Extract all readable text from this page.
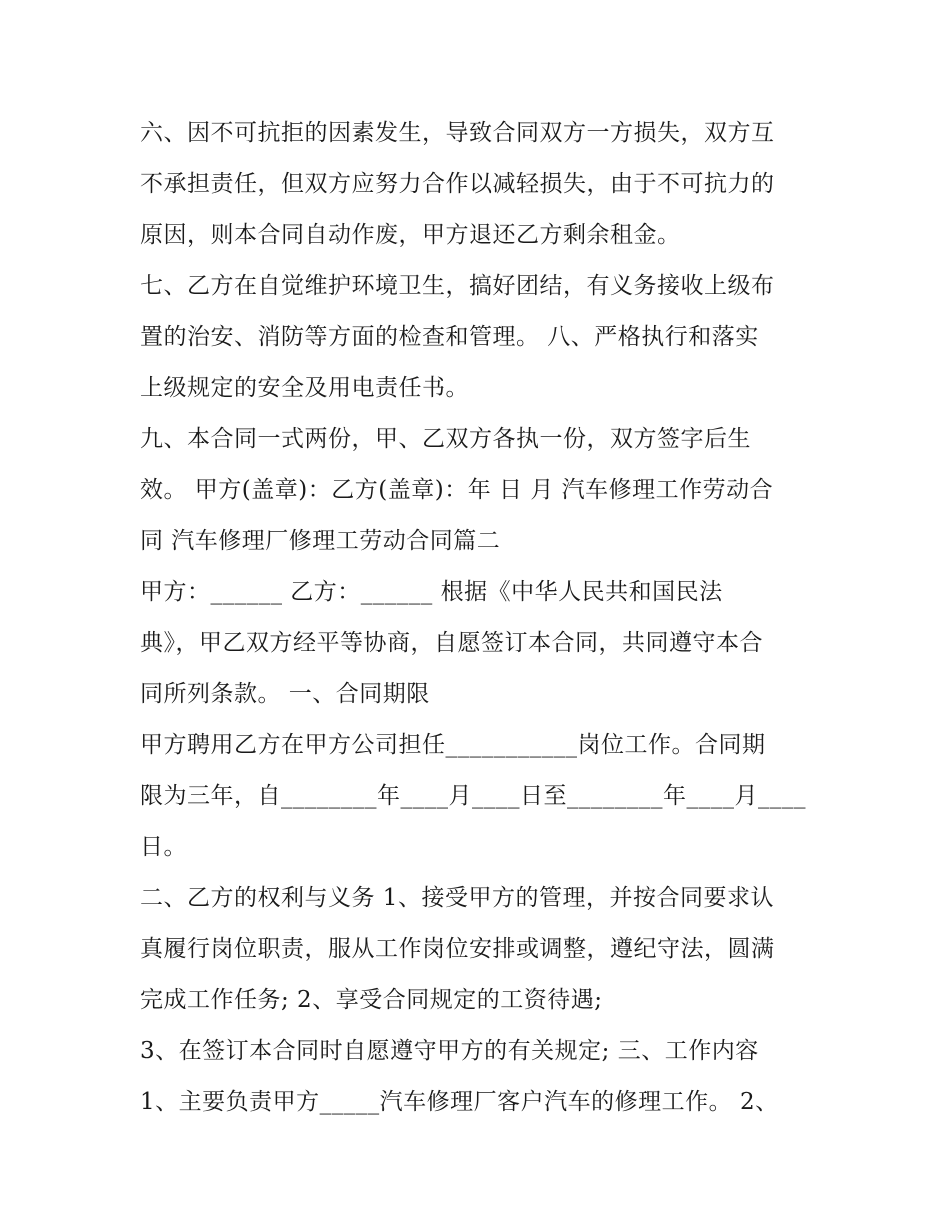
六、因不可抗拒的因素发生，导致合同双方一方损失，双方互
不承担责任，但双方应努力合作以减轻损失，由于不可抗力的
原因，则本合同自动作废，甲方退还乙方剩余租金。
七、乙方在自觉维护环境卫生，搞好团结，有义务接收上级布
置的治安、消防等方面的检查和管理。 八、严格执行和落实
上级规定的安全及用电责任书。
九、本合同一式两份，甲、乙双方各执一份，双方签字后生
效。 甲方(盖章)：乙方(盖章)：年 日 月 汽车修理工作劳动合
同 汽车修理厂修理工劳动合同篇二
甲方：______ 乙方：______ 根据《中华人民共和国民法
典》，甲乙双方经平等协商，自愿签订本合同，共同遵守本合
同所列条款。 一、合同期限
甲方聘用乙方在甲方公司担任___________岗位工作。合同期
限为三年，自________年____月____日至________年____月____
日。
二、乙方的权利与义务 1、接受甲方的管理，并按合同要求认
真履行岗位职责，服从工作岗位安排或调整，遵纪守法，圆满
完成工作任务; 2、享受合同规定的工资待遇;
3、在签订本合同时自愿遵守甲方的有关规定; 三、工作内容
1、主要负责甲方_____汽车修理厂客户汽车的修理工作。 2、
